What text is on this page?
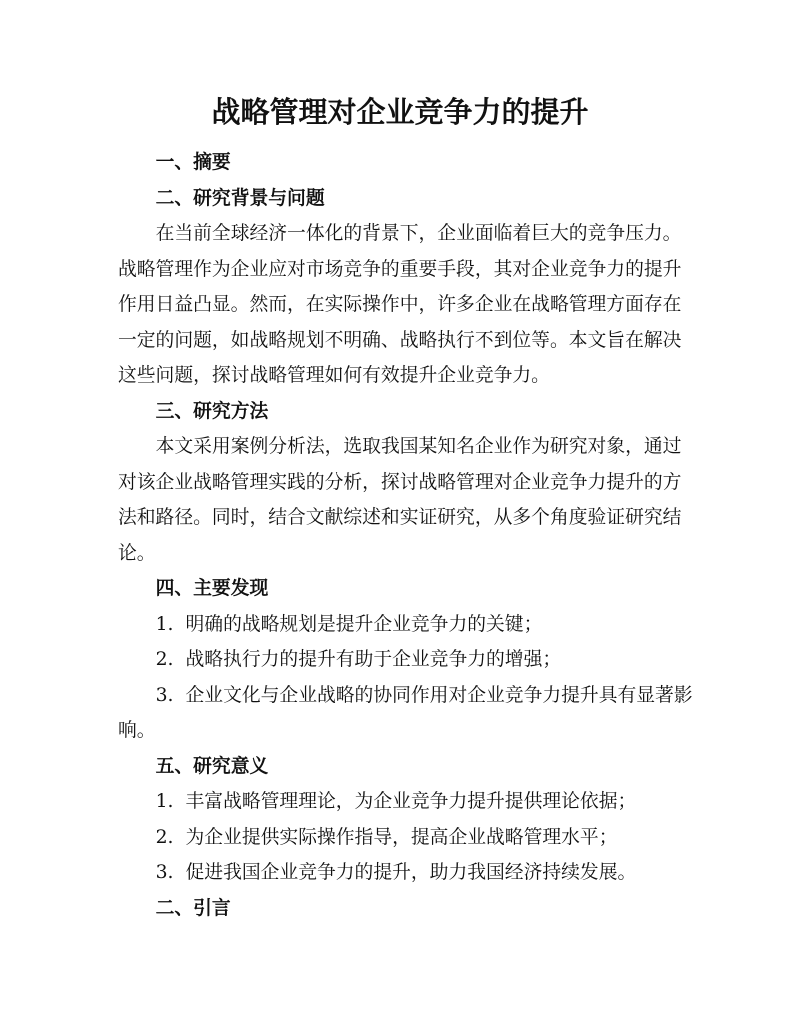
战略管理对企业竞争力的提升
一、摘要
二、研究背景与问题
在当前全球经济一体化的背景下，企业面临着巨大的竞争压力。
战略管理作为企业应对市场竞争的重要手段，其对企业竞争力的提升
作用日益凸显。然而，在实际操作中，许多企业在战略管理方面存在
一定的问题，如战略规划不明确、战略执行不到位等。本文旨在解决
这些问题，探讨战略管理如何有效提升企业竞争力。
三、研究方法
本文采用案例分析法，选取我国某知名企业作为研究对象，通过
对该企业战略管理实践的分析，探讨战略管理对企业竞争力提升的方
法和路径。同时，结合文献综述和实证研究，从多个角度验证研究结
论。
四、主要发现
1. 明确的战略规划是提升企业竞争力的关键；
2. 战略执行力的提升有助于企业竞争力的增强；
3. 企业文化与企业战略的协同作用对企业竞争力提升具有显著影
响。
五、研究意义
1. 丰富战略管理理论，为企业竞争力提升提供理论依据；
2. 为企业提供实际操作指导，提高企业战略管理水平；
3. 促进我国企业竞争力的提升，助力我国经济持续发展。
二、引言
